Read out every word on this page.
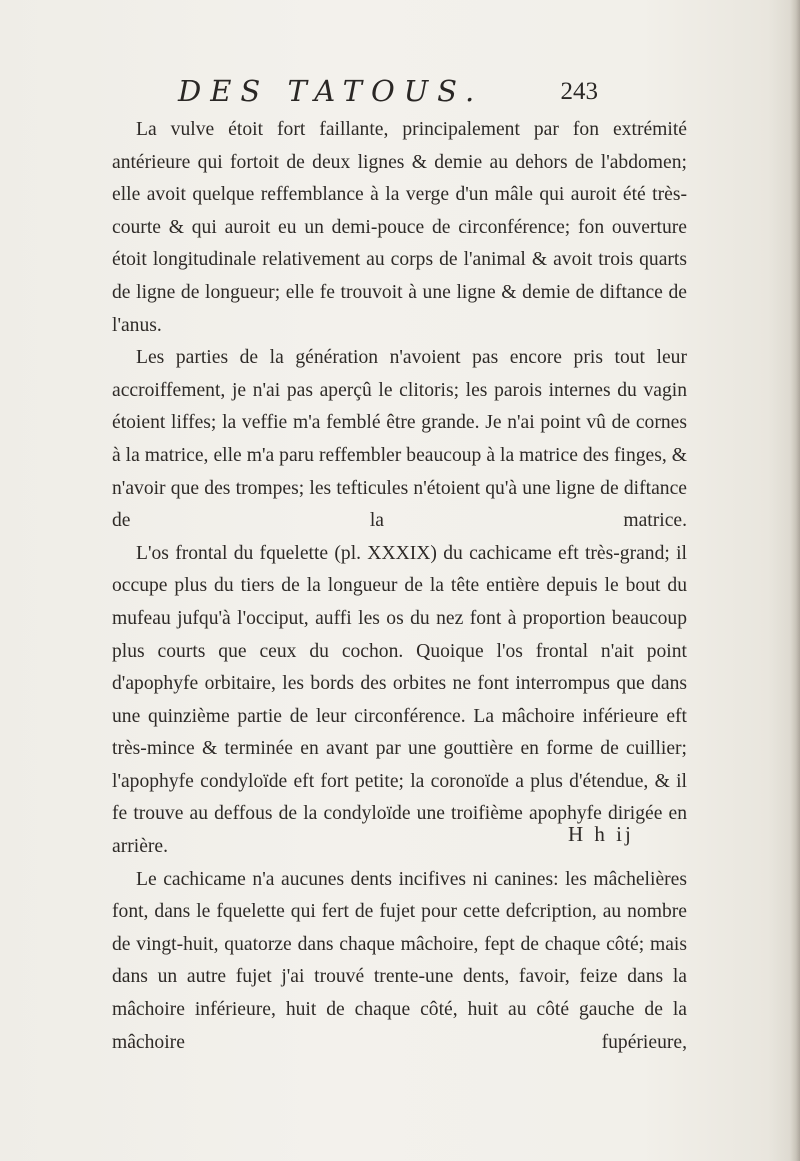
DES TATOUS.	243

La vulve étoit fort faillante, principalement par fon extrémité antérieure qui fortoit de deux lignes & demie au dehors de l'abdomen; elle avoit quelque reffemblance à la verge d'un mâle qui auroit été très-courte & qui auroit eu un demi-pouce de circonférence; fon ouverture étoit longitudinale relativement au corps de l'animal & avoit trois quarts de ligne de longueur; elle fe trouvoit à une ligne & demie de diftance de l'anus.

Les parties de la génération n'avoient pas encore pris tout leur accroiffement, je n'ai pas aperçû le clitoris; les parois internes du vagin étoient liffes; la veffie m'a femblé être grande. Je n'ai point vû de cornes à la matrice, elle m'a paru reffembler beaucoup à la matrice des finges, & n'avoir que des trompes; les tefticules n'étoient qu'à une ligne de diftance de la matrice.

L'os frontal du fquelette (pl. XXXIX) du cachicame eft très-grand; il occupe plus du tiers de la longueur de la tête entière depuis le bout du mufeau jufqu'à l'occiput, auffi les os du nez font à proportion beaucoup plus courts que ceux du cochon. Quoique l'os frontal n'ait point d'apophyfe orbitaire, les bords des orbites ne font interrompus que dans une quinzième partie de leur circonférence. La mâchoire inférieure eft très-mince & terminée en avant par une gouttière en forme de cuillier; l'apophyfe condyloïde eft fort petite; la coronoïde a plus d'étendue, & il fe trouve au deffous de la condyloïde une troifième apophyfe dirigée en arrière.

Le cachicame n'a aucunes dents incifives ni canines: les mâchelières font, dans le fquelette qui fert de fujet pour cette defcription, au nombre de vingt-huit, quatorze dans chaque mâchoire, fept de chaque côté; mais dans un autre fujet j'ai trouvé trente-une dents, favoir, feize dans la mâchoire inférieure, huit de chaque côté, huit au côté gauche de la mâchoire fupérieure,

H h ij
